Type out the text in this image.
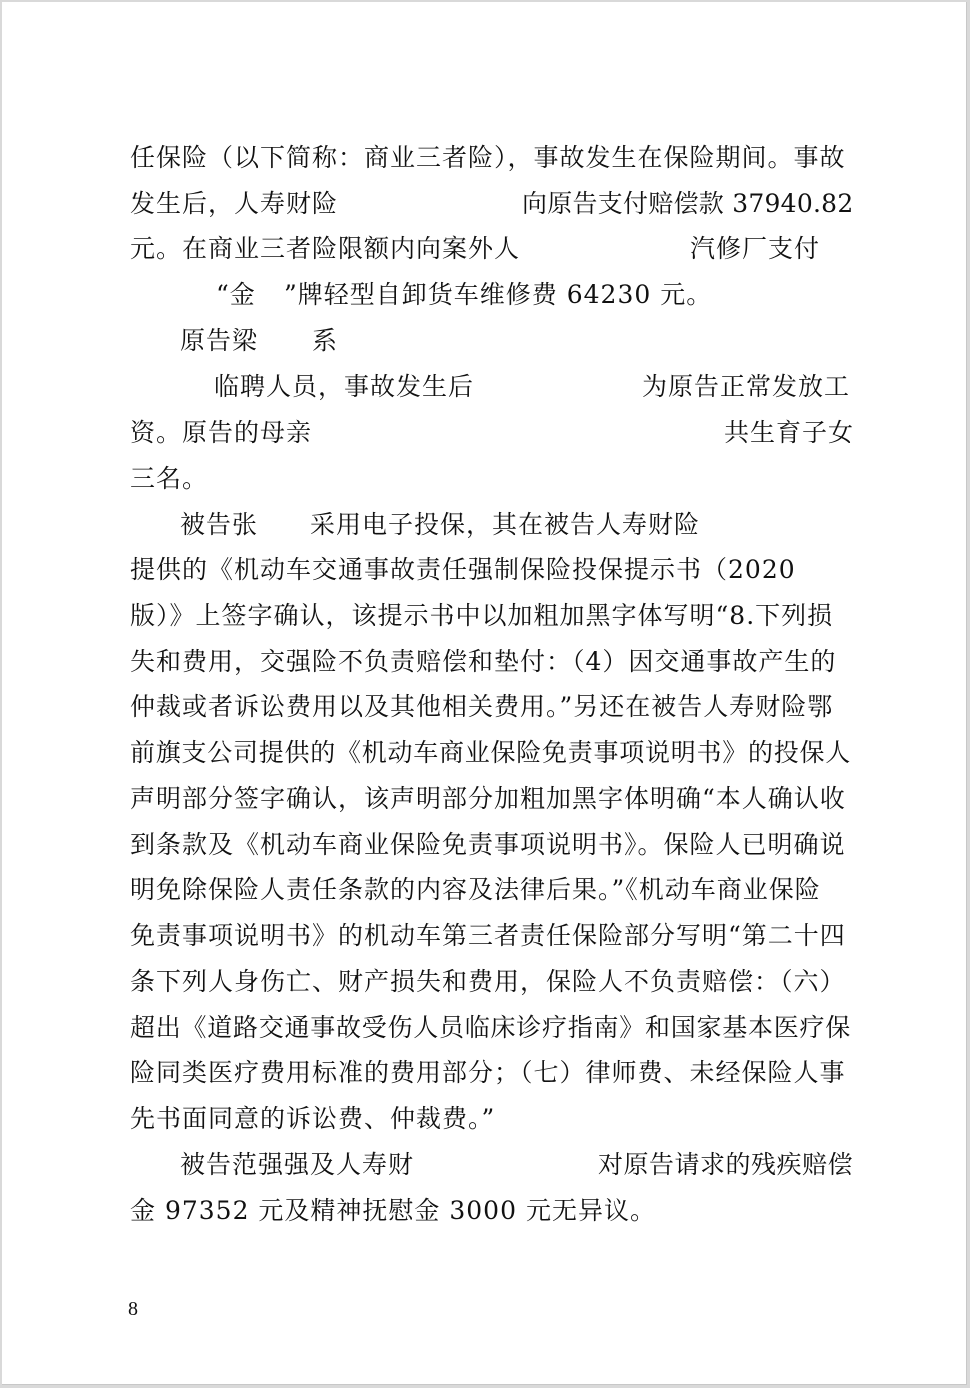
任保险（以下简称：商业三者险），事故发生在保险期间。事故
发生后，人寿财险	向原告支付赔偿款 37940.82
元。在商业三者险限额内向案外人	汽修厂支付
“金 ”牌轻型自卸货车维修费 64230 元。
原告梁 系
临聘人员，事故发生后	为原告正常发放工
资。原告的母亲	共生育子女
三名。
被告张 采用电子投保，其在被告人寿财险
提供的《机动车交通事故责任强制保险投保提示书（2020
版）》上签字确认，该提示书中以加粗加黑字体写明“8.下列损
失和费用，交强险不负责赔偿和垫付：（4）因交通事故产生的
仲裁或者诉讼费用以及其他相关费用。”另还在被告人寿财险鄂
前旗支公司提供的《机动车商业保险免责事项说明书》的投保人
声明部分签字确认，该声明部分加粗加黑字体明确“本人确认收
到条款及《机动车商业保险免责事项说明书》。保险人已明确说
明免除保险人责任条款的内容及法律后果。”《机动车商业保险
免责事项说明书》的机动车第三者责任保险部分写明“第二十四
条下列人身伤亡、财产损失和费用，保险人不负责赔偿：（六）
超出《道路交通事故受伤人员临床诊疗指南》和国家基本医疗保
险同类医疗费用标准的费用部分；（七）律师费、未经保险人事
先书面同意的诉讼费、仲裁费。”
被告范强强及人寿财	对原告请求的残疾赔偿
金 97352 元及精神抚慰金 3000 元无异议。
8
